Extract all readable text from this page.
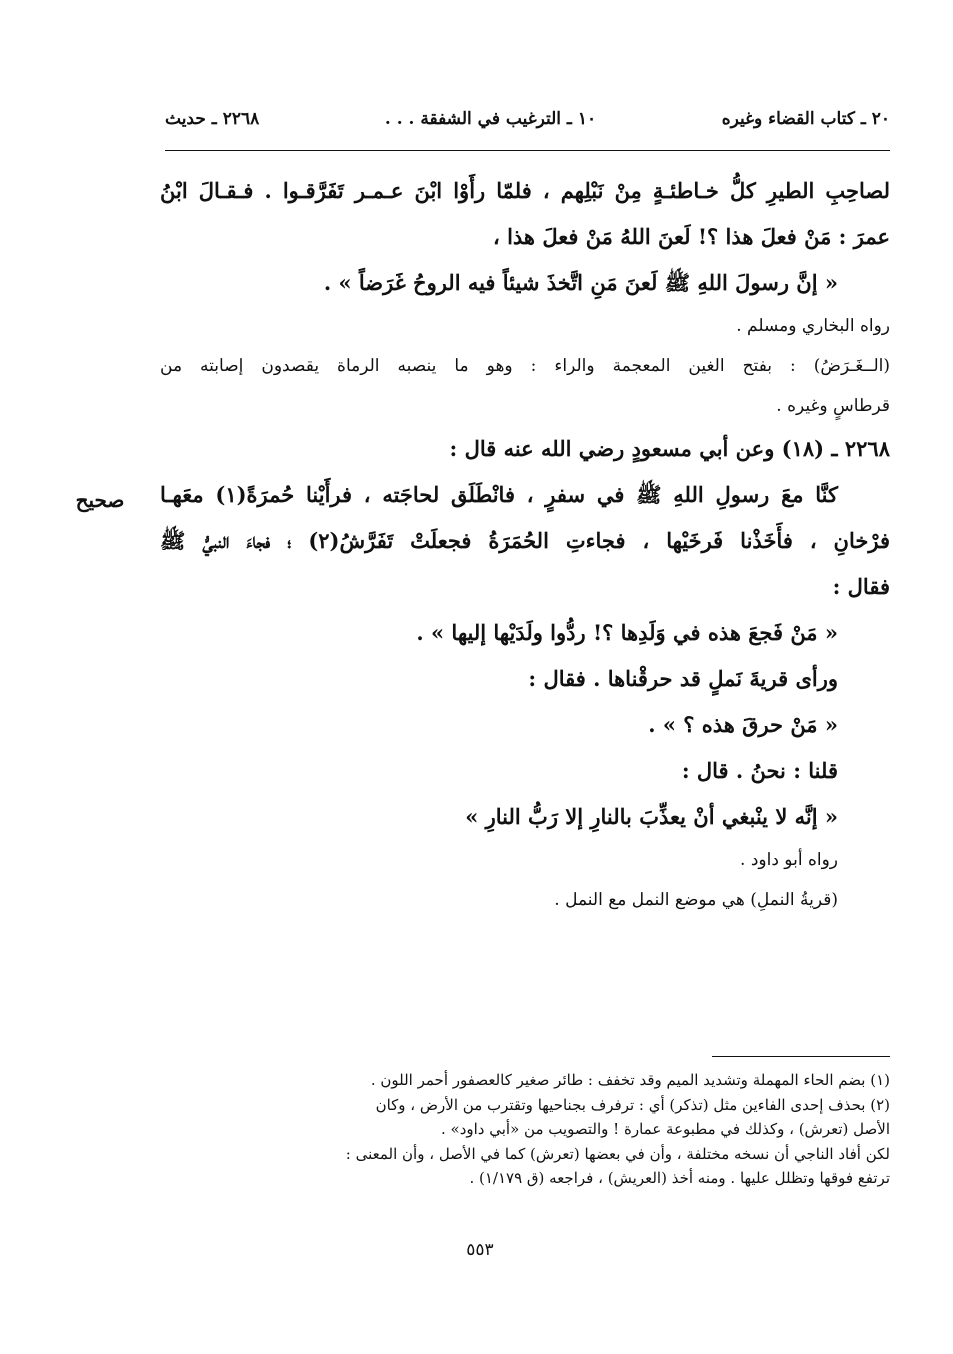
٢٠ ـ كتاب القضاء وغيره
١٠ ـ الترغيب في الشفقة . . .
٢٢٦٨ ـ حديث
صحيح
لصاحِبِ الطيرِ كلُّ خـاطئـةٍ مِنْ نَبْلِهم ، فلمّا رأَوْا ابْنَ عـمـر تَفَرَّقـوا . فـقـالَ ابْنُ
عمرَ : مَنْ فعلَ هذا ؟! لَعنَ اللهُ مَنْ فعلَ هذا ،
« إنَّ رسولَ اللهِ ﷺ لَعنَ مَنِ اتَّخذَ شيئاً فيه الروحُ غَرَضاً » .
رواه البخاري ومسلم .
(الــغَـرَضُ) : بفتح الغين المعجمة والراء : وهو ما ينصبه الرماة يقصدون إصابته من
قرطاسٍ وغيره .
٢٢٦٨ ـ (١٨) وعن أبي مسعودٍ رضي الله عنه قال :
كنَّا معَ رسولِ اللهِ ﷺ في سفرٍ ، فانْطَلَق لحاجَته ، فرأَيْنا حُمرَةً(١) معَهـا
فرْخانِ ، فأَخَذْنا فَرخَيْها ، فجاءتِ الحُمَرَةُ فجعلَتْ تَفَرَّشُ(٢) ؛ فجاءَ النبيُّ ﷺ
فقال :
« مَنْ فَجعَ هذه في وَلَدِها ؟! ردُّوا ولَدَيْها إليها » .
ورأى قريةَ نَملٍ قد حرقْناها . فقال :
« مَنْ حرقَ هذه ؟ » .
قلنا : نحنُ . قال :
« إنَّه لا ينْبغي أنْ يعذِّبَ بالنارِ إلا رَبُّ النارِ »
رواه أبو داود .
(قريةُ النملِ) هي موضع النمل مع النمل .
(١) بضم الحاء المهملة وتشديد الميم وقد تخفف : طائر صغير كالعصفور أحمر اللون .
(٢) بحذف إحدى الفاءين مثل (تذكر) أي : ترفرف بجناحيها وتقترب من الأرض ، وكان
الأصل (تعرش) ، وكذلك في مطبوعة عمارة ! والتصويب من «أبي داود» .
لكن أفاد الناجي أن نسخه مختلفة ، وأن في بعضها (تعرش) كما في الأصل ، وأن المعنى :
ترتفع فوقها وتظلل عليها . ومنه أخذ (العريش) ، فراجعه (ق ١/١٧٩) .
٥٥٣
